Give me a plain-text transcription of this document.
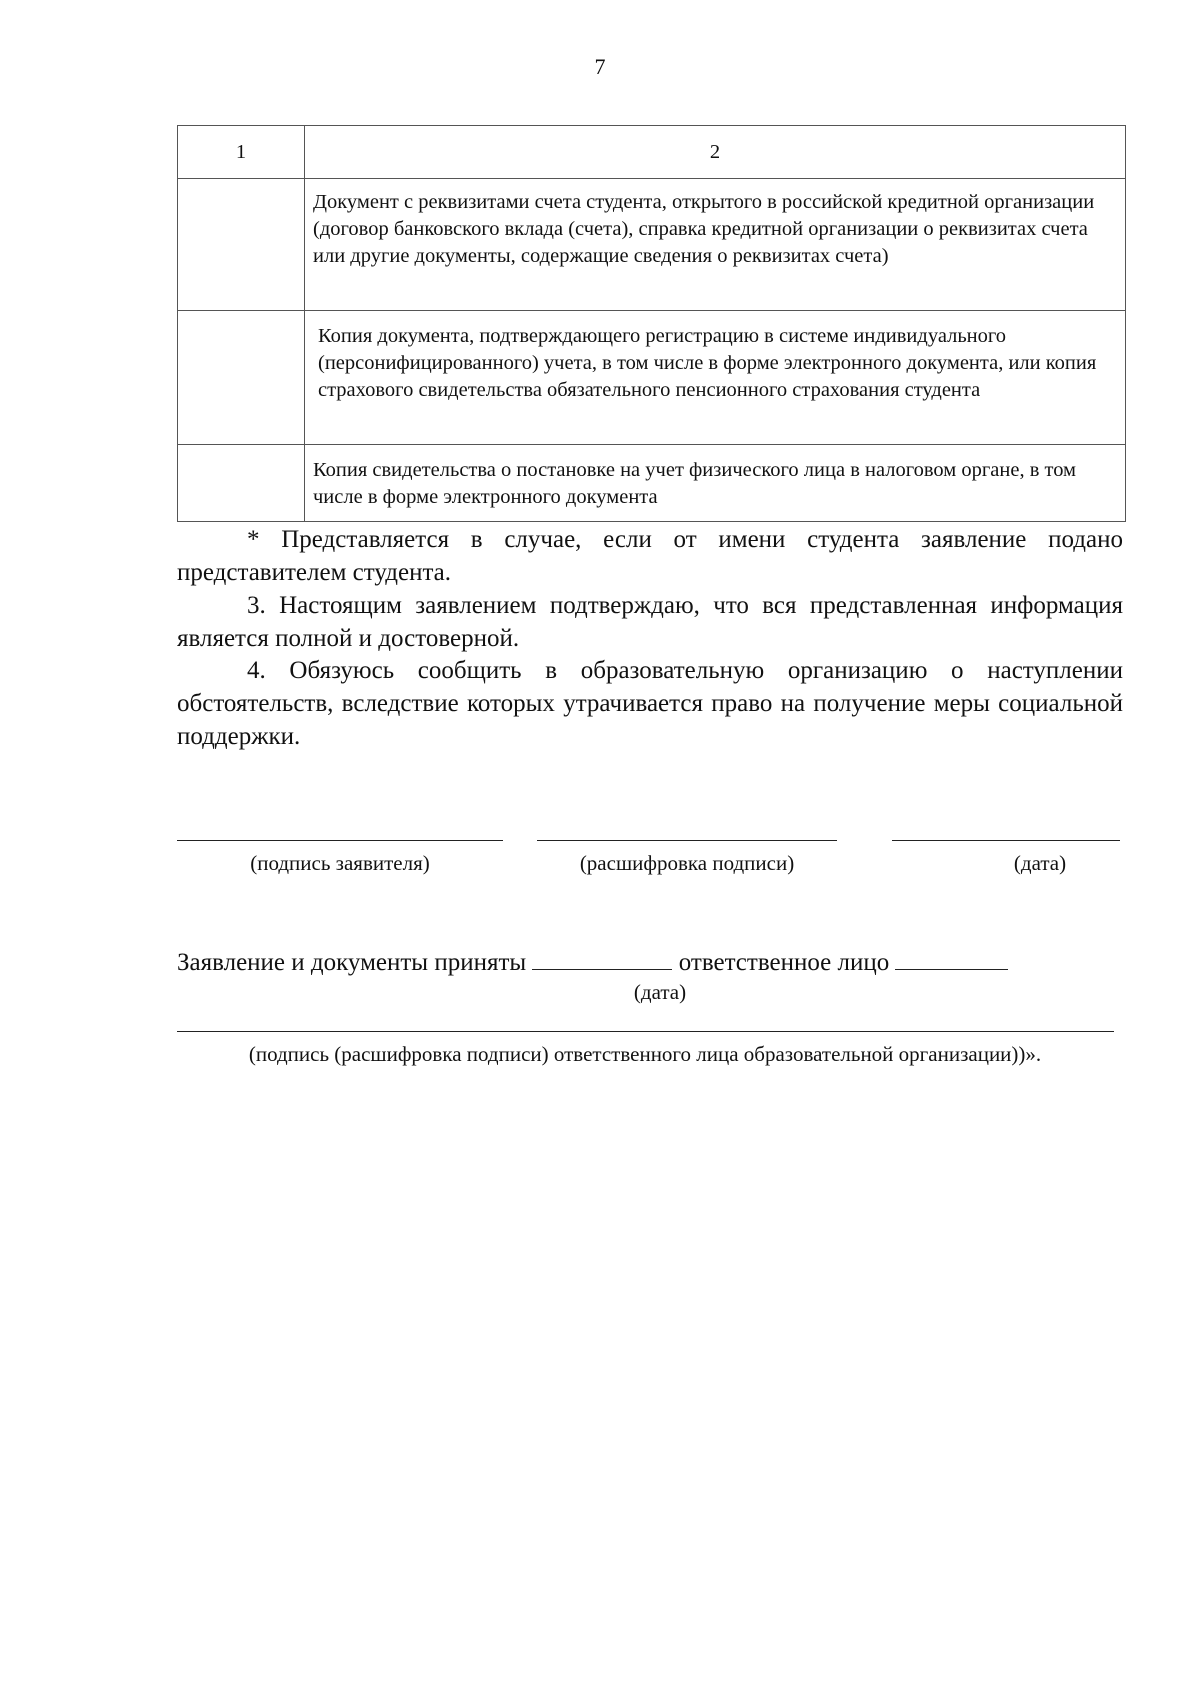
7
1	2

	Документ с реквизитами счета студента, открытого в российской кредитной организации (договор банковского вклада (счета), справка кредитной организации о реквизитах счета или другие документы, содержащие сведения о реквизитах счета)

	Копия документа, подтверждающего регистрацию в системе индивидуального (персонифицированного) учета, в том числе в форме электронного документа, или копия страхового свидетельства обязательного пенсионного страхования студента

	Копия свидетельства о постановке на учет физического лица в налоговом органе, в том числе в форме электронного документа

* Представляется в случае, если от имени студента заявление подано представителем студента.

3. Настоящим заявлением подтверждаю, что вся представленная информация является полной и достоверной.

4. Обязуюсь сообщить в образовательную организацию о наступлении обстоятельств, вследствие которых утрачивается право на получение меры социальной поддержки.

(подпись заявителя)	(расшифровка подписи)	(дата)
Заявление и документы приняты	ответственное лицо
(дата)
(подпись (расшифровка подписи) ответственного лица образовательной организации))».
